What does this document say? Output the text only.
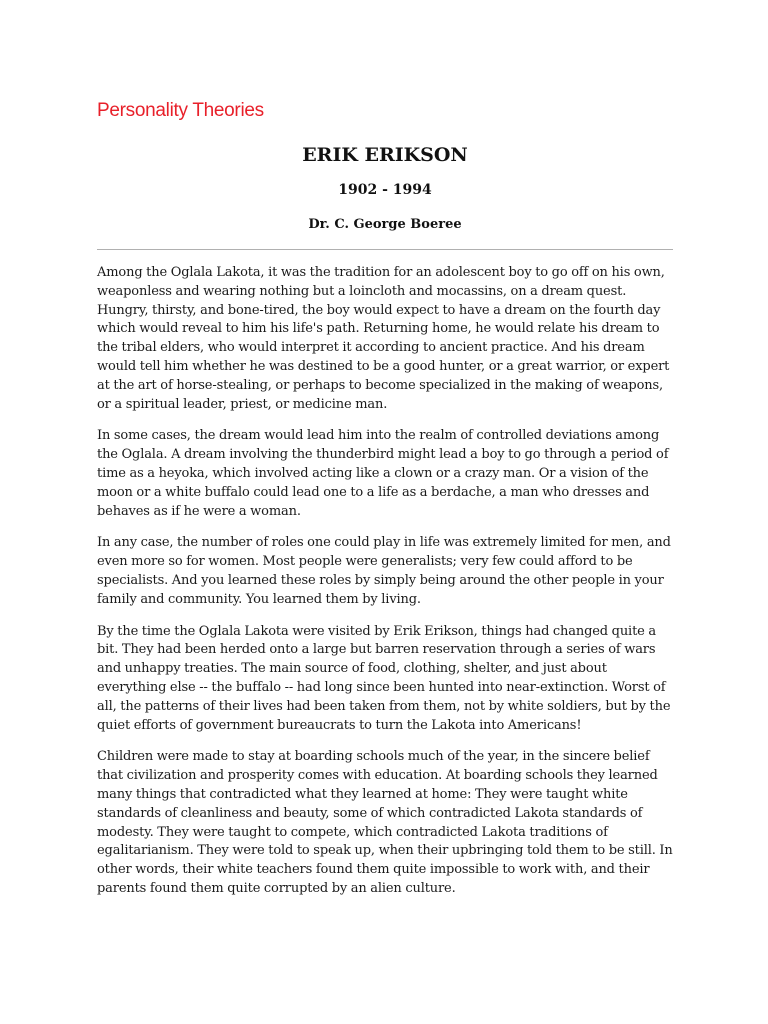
Personality Theories
ERIK ERIKSON
1902 - 1994
Dr. C. George Boeree

Among the Oglala Lakota, it was the tradition for an adolescent boy to go off on his own, weaponless and wearing nothing but a loincloth and mocassins, on a dream quest. Hungry, thirsty, and bone-tired, the boy would expect to have a dream on the fourth day which would reveal to him his life's path. Returning home, he would relate his dream to the tribal elders, who would interpret it according to ancient practice. And his dream would tell him whether he was destined to be a good hunter, or a great warrior, or expert at the art of horse-stealing, or perhaps to become specialized in the making of weapons, or a spiritual leader, priest, or medicine man.

In some cases, the dream would lead him into the realm of controlled deviations among the Oglala. A dream involving the thunderbird might lead a boy to go through a period of time as a heyoka, which involved acting like a clown or a crazy man. Or a vision of the moon or a white buffalo could lead one to a life as a berdache, a man who dresses and behaves as if he were a woman.

In any case, the number of roles one could play in life was extremely limited for men, and even more so for women. Most people were generalists; very few could afford to be specialists. And you learned these roles by simply being around the other people in your family and community. You learned them by living.

By the time the Oglala Lakota were visited by Erik Erikson, things had changed quite a bit. They had been herded onto a large but barren reservation through a series of wars and unhappy treaties. The main source of food, clothing, shelter, and just about everything else -- the buffalo -- had long since been hunted into near-extinction. Worst of all, the patterns of their lives had been taken from them, not by white soldiers, but by the quiet efforts of government bureaucrats to turn the Lakota into Americans!

Children were made to stay at boarding schools much of the year, in the sincere belief that civilization and prosperity comes with education. At boarding schools they learned many things that contradicted what they learned at home: They were taught white standards of cleanliness and beauty, some of which contradicted Lakota standards of modesty. They were taught to compete, which contradicted Lakota traditions of egalitarianism. They were told to speak up, when their upbringing told them to be still. In other words, their white teachers found them quite impossible to work with, and their parents found them quite corrupted by an alien culture.
